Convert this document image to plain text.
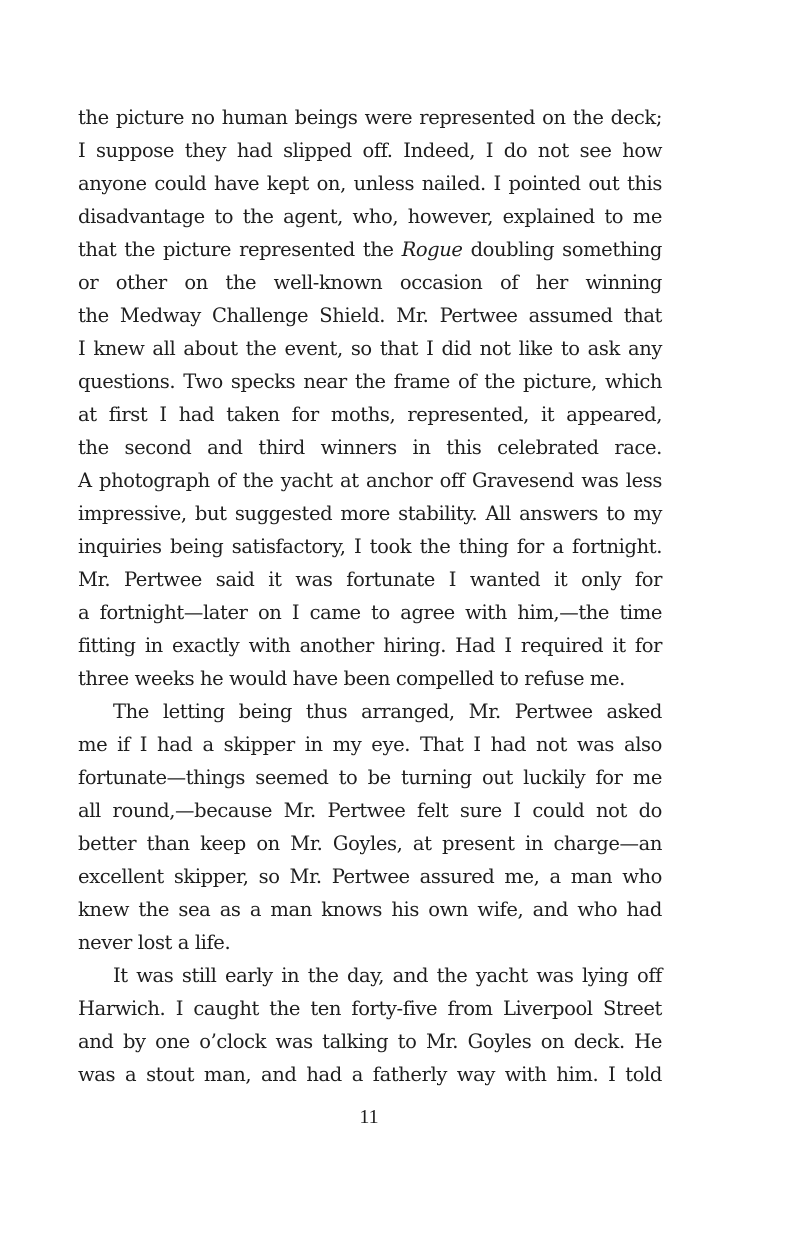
the picture no human beings were represented on the deck;
I suppose they had slipped off. Indeed, I do not see how
anyone could have kept on, unless nailed. I pointed out this
disadvantage to the agent, who, however, explained to me
that the picture represented the Rogue doubling something
or other on the well-known occasion of her winning
the Medway Challenge Shield. Mr. Pertwee assumed that
I knew all about the event, so that I did not like to ask any
questions. Two specks near the frame of the picture, which
at first I had taken for moths, represented, it appeared,
the second and third winners in this celebrated race.
A photograph of the yacht at anchor off Gravesend was less
impressive, but suggested more stability. All answers to my
inquiries being satisfactory, I took the thing for a fortnight.
Mr. Pertwee said it was fortunate I wanted it only for
a fortnight—later on I came to agree with him,—the time
fitting in exactly with another hiring. Had I required it for
three weeks he would have been compelled to refuse me.
The letting being thus arranged, Mr. Pertwee asked
me if I had a skipper in my eye. That I had not was also
fortunate—things seemed to be turning out luckily for me
all round,—because Mr. Pertwee felt sure I could not do
better than keep on Mr. Goyles, at present in charge—an
excellent skipper, so Mr. Pertwee assured me, a man who
knew the sea as a man knows his own wife, and who had
never lost a life.
It was still early in the day, and the yacht was lying off
Harwich. I caught the ten forty-five from Liverpool Street
and by one o’clock was talking to Mr. Goyles on deck. He
was a stout man, and had a fatherly way with him. I told
11
